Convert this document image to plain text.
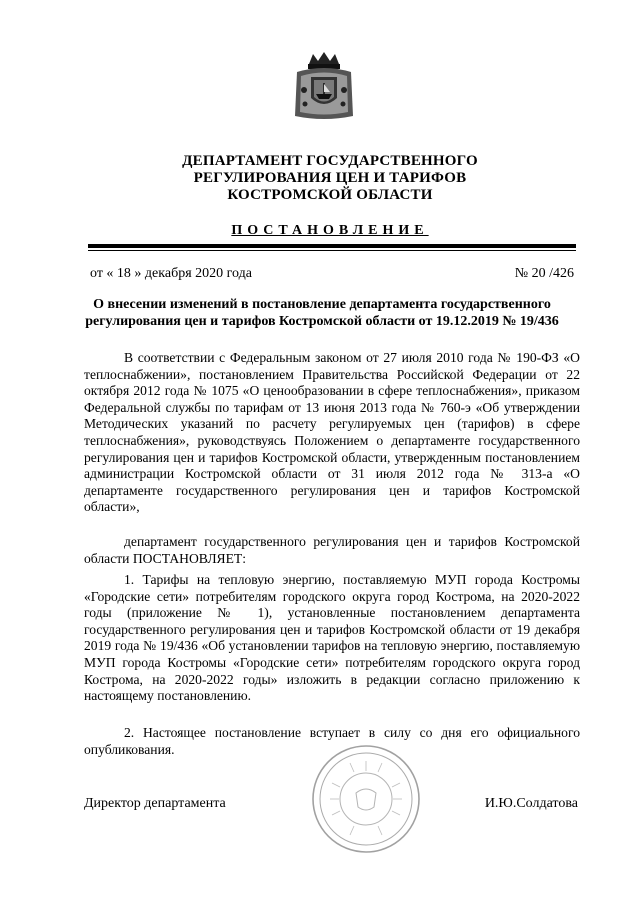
ДЕПАРТАМЕНТ ГОСУДАРСТВЕННОГО
РЕГУЛИРОВАНИЯ ЦЕН И ТАРИФОВ
КОСТРОМСКОЙ ОБЛАСТИ
ПОСТАНОВЛЕНИЕ
от « 18 » декабря 2020 года	№ 20 /426
О внесении изменений в постановление департамента государственного регулирования цен и тарифов Костромской области от 19.12.2019 № 19/436

В соответствии с Федеральным законом от 27 июля 2010 года № 190-ФЗ «О теплоснабжении», постановлением Правительства Российской Федерации от 22 октября 2012 года № 1075 «О ценообразовании в сфере теплоснабжения», приказом Федеральной службы по тарифам от 13 июня 2013 года № 760-э «Об утверждении Методических указаний по расчету регулируемых цен (тарифов) в сфере теплоснабжения», руководствуясь Положением о департаменте государственного регулирования цен и тарифов Костромской области, утвержденным постановлением администрации Костромской области от 31 июля 2012 года № 313-а «О департаменте государственного регулирования цен и тарифов Костромской области»,

департамент государственного регулирования цен и тарифов Костромской области ПОСТАНОВЛЯЕТ:

1. Тарифы на тепловую энергию, поставляемую МУП города Костромы «Городские сети» потребителям городского округа город Кострома, на 2020-2022 годы (приложение № 1), установленные постановлением департамента государственного регулирования цен и тарифов Костромской области от 19 декабря 2019 года № 19/436 «Об установлении тарифов на тепловую энергию, поставляемую МУП города Костромы «Городские сети» потребителям городского округа город Кострома, на 2020-2022 годы» изложить в редакции согласно приложению к настоящему постановлению.

2. Настоящее постановление вступает в силу со дня его официального опубликования.

Директор департамента	И.Ю.Солдатова
